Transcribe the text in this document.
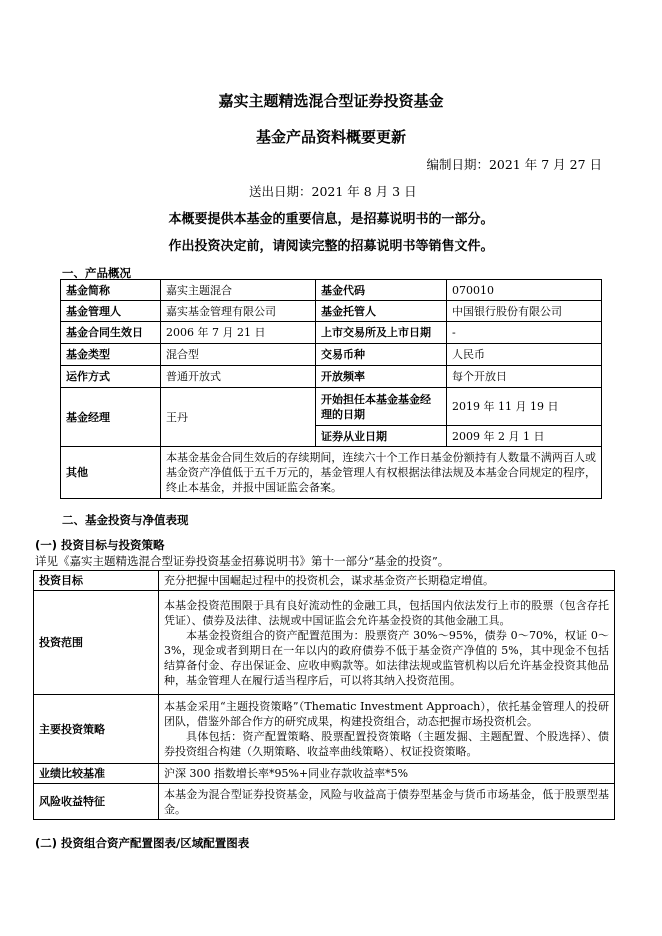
嘉实主题精选混合型证券投资基金
基金产品资料概要更新
编制日期：2021 年 7 月 27 日
送出日期：2021 年 8 月 3 日
本概要提供本基金的重要信息，是招募说明书的一部分。
作出投资决定前，请阅读完整的招募说明书等销售文件。
一、产品概况
基金简称	嘉实主题混合	基金代码	070010
基金管理人	嘉实基金管理有限公司	基金托管人	中国银行股份有限公司
基金合同生效日	2006 年 7 月 21 日	上市交易所及上市日期	-
基金类型	混合型	交易币种	人民币
运作方式	普通开放式	开放频率	每个开放日
基金经理	王丹	开始担任本基金基金经理的日期	2019 年 11 月 19 日
		证券从业日期	2009 年 2 月 1 日
其他	本基金基金合同生效后的存续期间，连续六十个工作日基金份额持有人数量不满两百人或基金资产净值低于五千万元的，基金管理人有权根据法律法规及本基金合同规定的程序，终止本基金，并报中国证监会备案。		
二、基金投资与净值表现
(一) 投资目标与投资策略
详见《嘉实主题精选混合型证券投资基金招募说明书》第十一部分“基金的投资”。
投资目标	充分把握中国崛起过程中的投资机会，谋求基金资产长期稳定增值。
投资范围	本基金投资范围限于具有良好流动性的金融工具，包括国内依法发行上市的股票（包含存托凭证）、债券及法律、法规或中国证监会允许基金投资的其他金融工具。
本基金投资组合的资产配置范围为：股票资产 30%～95%，债券 0～70%，权证 0～3%，现金或者到期日在一年以内的政府债券不低于基金资产净值的 5%，其中现金不包括结算备付金、存出保证金、应收申购款等。如法律法规或监管机构以后允许基金投资其他品种，基金管理人在履行适当程序后，可以将其纳入投资范围。

主要投资策略	本基金采用“主题投资策略”（Thematic Investment Approach），依托基金管理人的投研团队，借鉴外部合作方的研究成果，构建投资组合，动态把握市场投资机会。
具体包括：资产配置策略、股票配置投资策略（主题发掘、主题配置、个股选择）、债券投资组合构建（久期策略、收益率曲线策略）、权证投资策略。

业绩比较基准	沪深 300 指数增长率*95%+同业存款收益率*5%
风险收益特征	本基金为混合型证券投资基金，风险与收益高于债券型基金与货币市场基金，低于股票型基金。
(二) 投资组合资产配置图表/区域配置图表
